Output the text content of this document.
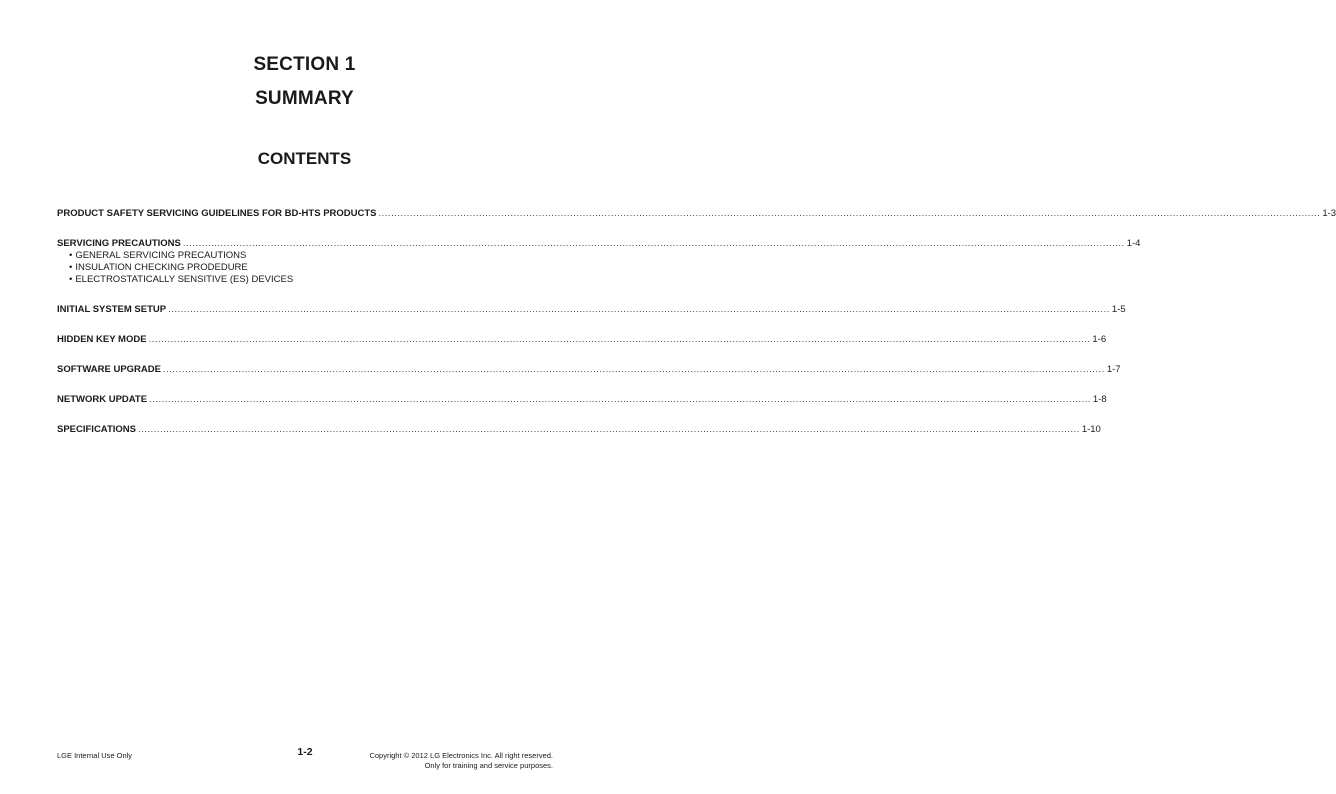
SECTION 1
SUMMARY
CONTENTS
PRODUCT SAFETY SERVICING GUIDELINES FOR BD-HTS PRODUCTS ............................................................................................................................................................................................................................................................................................................ 1-3
SERVICING PRECAUTIONS ............................................................................................................................................................................................................................................................................................................ 1-4
• GENERAL SERVICING PRECAUTIONS
• INSULATION CHECKING PRODEDURE
• ELECTROSTATICALLY SENSITIVE (ES) DEVICES
INITIAL SYSTEM SETUP ............................................................................................................................................................................................................................................................................................................ 1-5
HIDDEN KEY MODE ............................................................................................................................................................................................................................................................................................................ 1-6
SOFTWARE UPGRADE ............................................................................................................................................................................................................................................................................................................ 1-7
NETWORK UPDATE ............................................................................................................................................................................................................................................................................................................ 1-8
SPECIFICATIONS ............................................................................................................................................................................................................................................................................................................ 1-10
LGE Internal Use Only	1-2	Copyright © 2012 LG Electronics Inc. All right reserved.
Only for training and service purposes.
